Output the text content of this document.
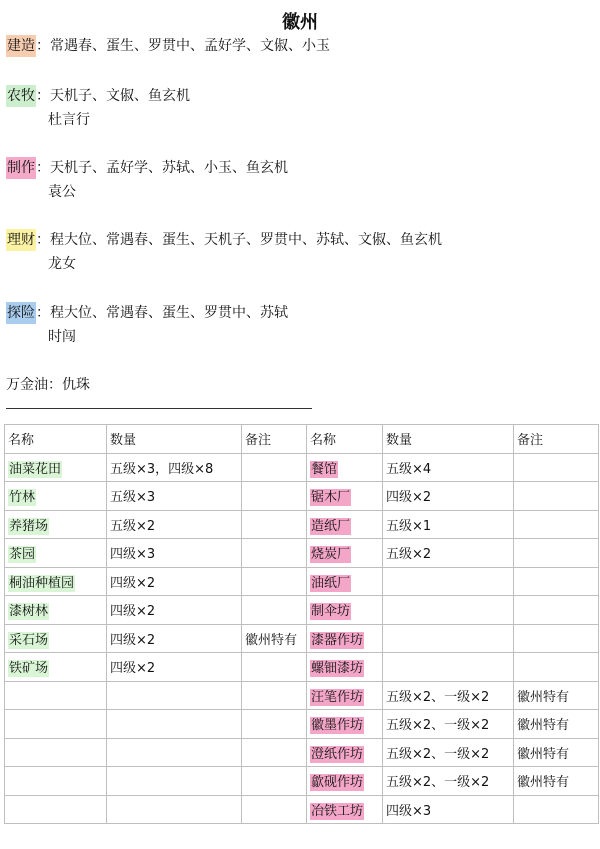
徽州
建造：常遇春、蛋生、罗贯中、孟好学、文俶、小玉
农牧：天机子、文俶、鱼玄机
杜言行
制作：天机子、孟好学、苏轼、小玉、鱼玄机
袁公
理财：程大位、常遇春、蛋生、天机子、罗贯中、苏轼、文俶、鱼玄机
龙女
探险：程大位、常遇春、蛋生、罗贯中、苏轼
时闯
万金油：仇珠
名称	数量	备注	名称	数量	备注
油菜花田	五级×3，四级×8		餐馆	五级×4	
竹林	五级×3		锯木厂	四级×2	
养猪场	五级×2		造纸厂	五级×1	
茶园	四级×3		烧炭厂	五级×2	
桐油种植园	四级×2		油纸厂		
漆树林	四级×2		制伞坊		
采石场	四级×2	徽州特有	漆器作坊		
铁矿场	四级×2		螺钿漆坊		
			汪笔作坊	五级×2、一级×2	徽州特有
			徽墨作坊	五级×2、一级×2	徽州特有
			澄纸作坊	五级×2、一级×2	徽州特有
			歙砚作坊	五级×2、一级×2	徽州特有
			冶铁工坊	四级×3	
